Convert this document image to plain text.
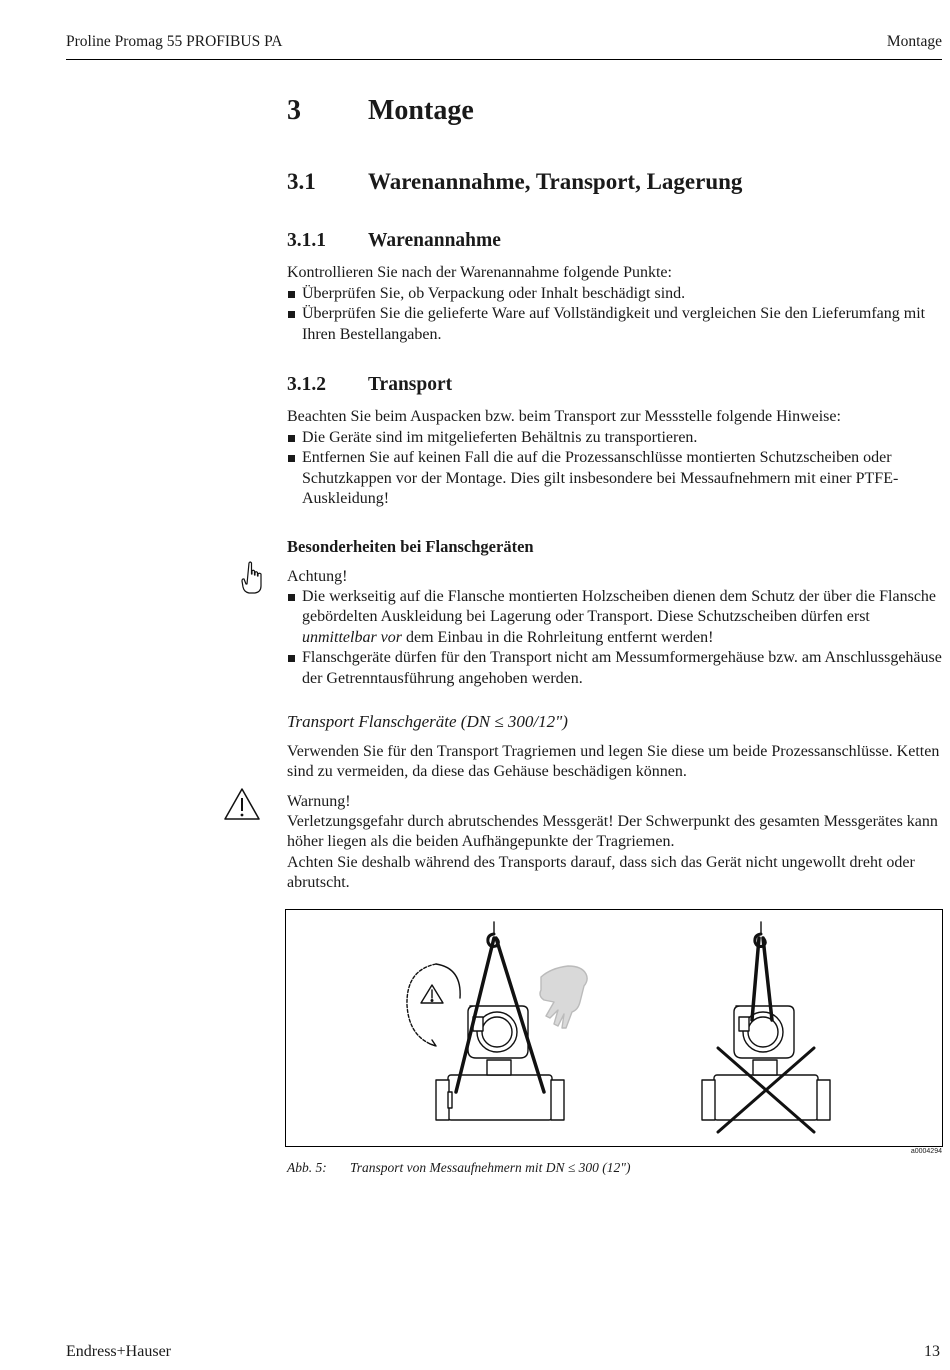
Proline Promag 55 PROFIBUS PA	Montage
3 Montage
3.1 Warenannahme, Transport, Lagerung
3.1.1 Warenannahme
Kontrollieren Sie nach der Warenannahme folgende Punkte:
Überprüfen Sie, ob Verpackung oder Inhalt beschädigt sind.
Überprüfen Sie die gelieferte Ware auf Vollständigkeit und vergleichen Sie den Lieferumfang mit Ihren Bestellangaben.
3.1.2 Transport
Beachten Sie beim Auspacken bzw. beim Transport zur Messstelle folgende Hinweise:
Die Geräte sind im mitgelieferten Behältnis zu transportieren.
Entfernen Sie auf keinen Fall die auf die Prozessanschlüsse montierten Schutzscheiben oder Schutzkappen vor der Montage. Dies gilt insbesondere bei Messaufnehmern mit einer PTFE-Auskleidung!
Besonderheiten bei Flanschgeräten
Achtung!
Die werkseitig auf die Flansche montierten Holzscheiben dienen dem Schutz der über die Flansche gebördelten Auskleidung bei Lagerung oder Transport. Diese Schutzscheiben dürfen erst unmittelbar vor dem Einbau in die Rohrleitung entfernt werden!
Flanschgeräte dürfen für den Transport nicht am Messumformergehäuse bzw. am Anschlussgehäuse der Getrenntausführung angehoben werden.
Transport Flanschgeräte (DN ≤ 300/12")
Verwenden Sie für den Transport Tragriemen und legen Sie diese um beide Prozessanschlüsse. Ketten sind zu vermeiden, da diese das Gehäuse beschädigen können.
Warnung!
Verletzungsgefahr durch abrutschendes Messgerät! Der Schwerpunkt des gesamten Messgerätes kann höher liegen als die beiden Aufhängepunkte der Tragriemen.
Achten Sie deshalb während des Transports darauf, dass sich das Gerät nicht ungewollt dreht oder abrutscht.
a0004294
Abb. 5: Transport von Messaufnehmern mit DN ≤ 300 (12")
Endress+Hauser	13
